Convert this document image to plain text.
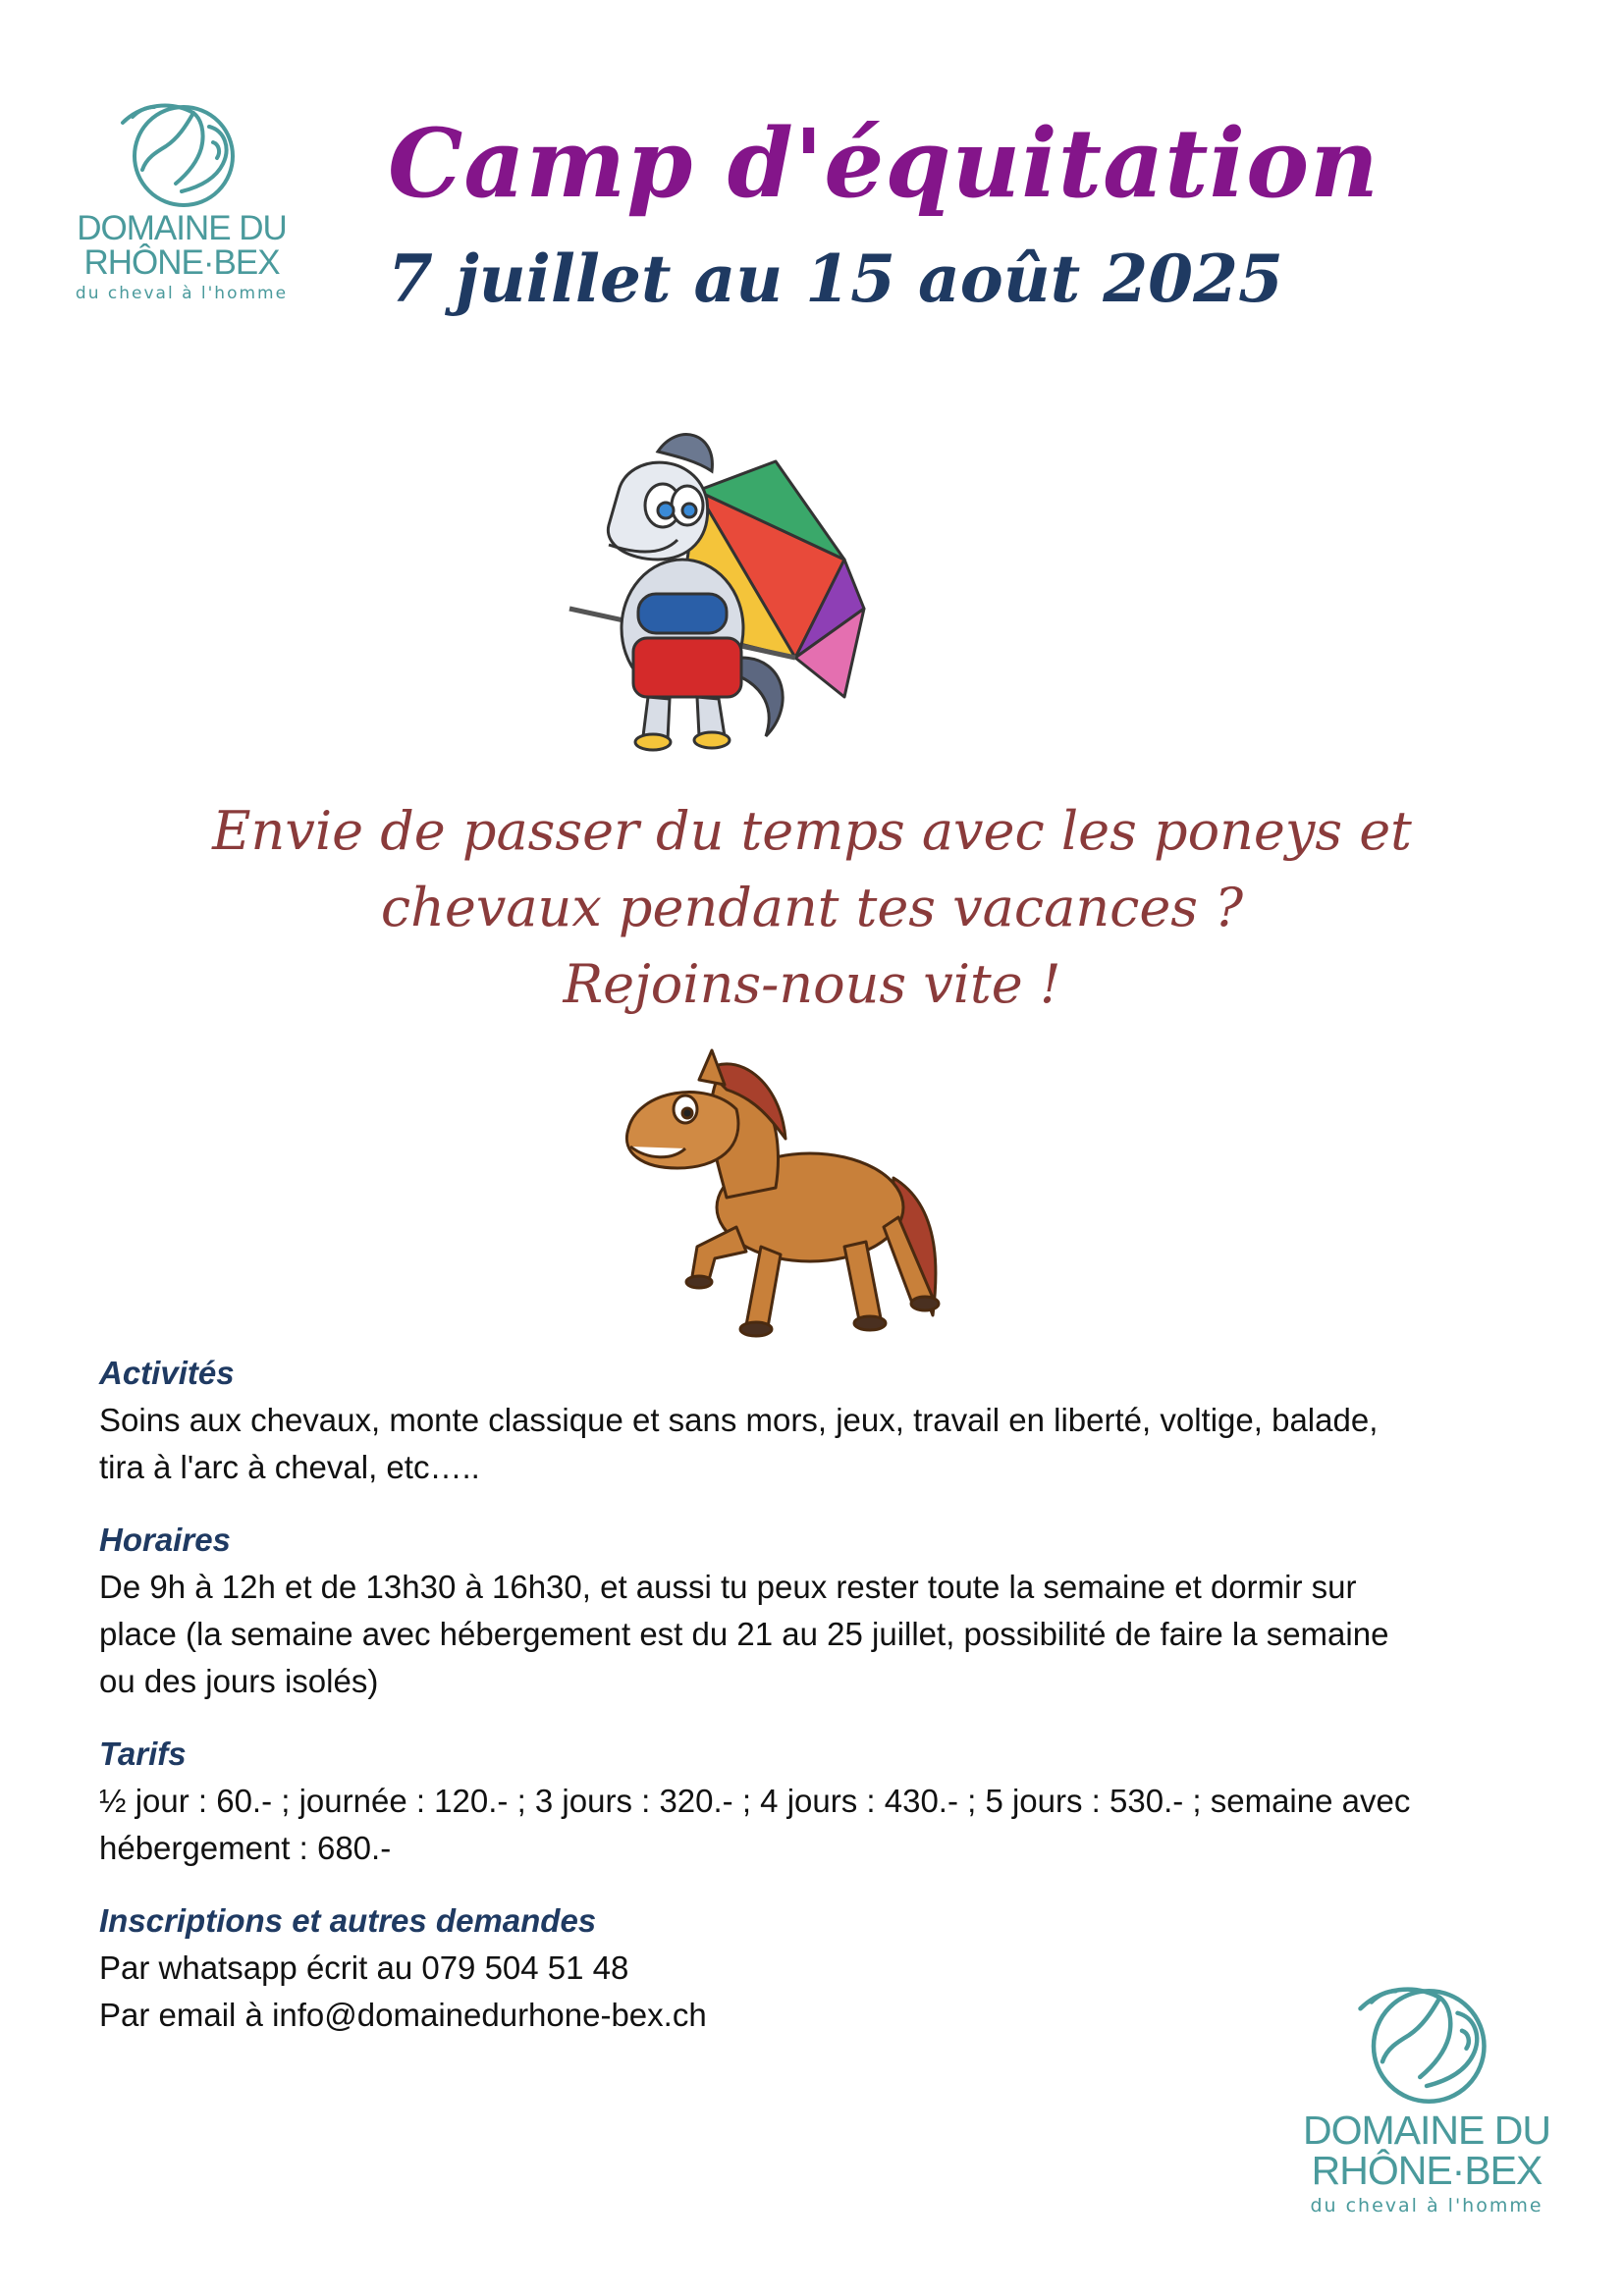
DOMAINE DU
RHÔNE·BEX
du cheval à l'homme
Camp d'équitation
7 juillet au 15 août 2025
Envie de passer du temps avec les poneys et
chevaux pendant tes vacances ?
Rejoins-nous vite !
Activités

Soins aux chevaux, monte classique et sans mors, jeux, travail en liberté, voltige, balade,

tira à l'arc à cheval, etc…..

Horaires

De 9h à 12h et de 13h30 à 16h30, et aussi tu peux rester toute la semaine et dormir sur

place (la semaine avec hébergement est du 21 au 25 juillet, possibilité de faire la semaine

ou des jours isolés)

Tarifs

½ jour : 60.- ; journée : 120.- ; 3 jours : 320.- ; 4 jours : 430.- ; 5 jours : 530.- ; semaine avec

hébergement : 680.-

Inscriptions et autres demandes

Par whatsapp écrit au 079 504 51 48

Par email à info@domainedurhone-bex.ch

DOMAINE DU
RHÔNE·BEX
du cheval à l'homme
